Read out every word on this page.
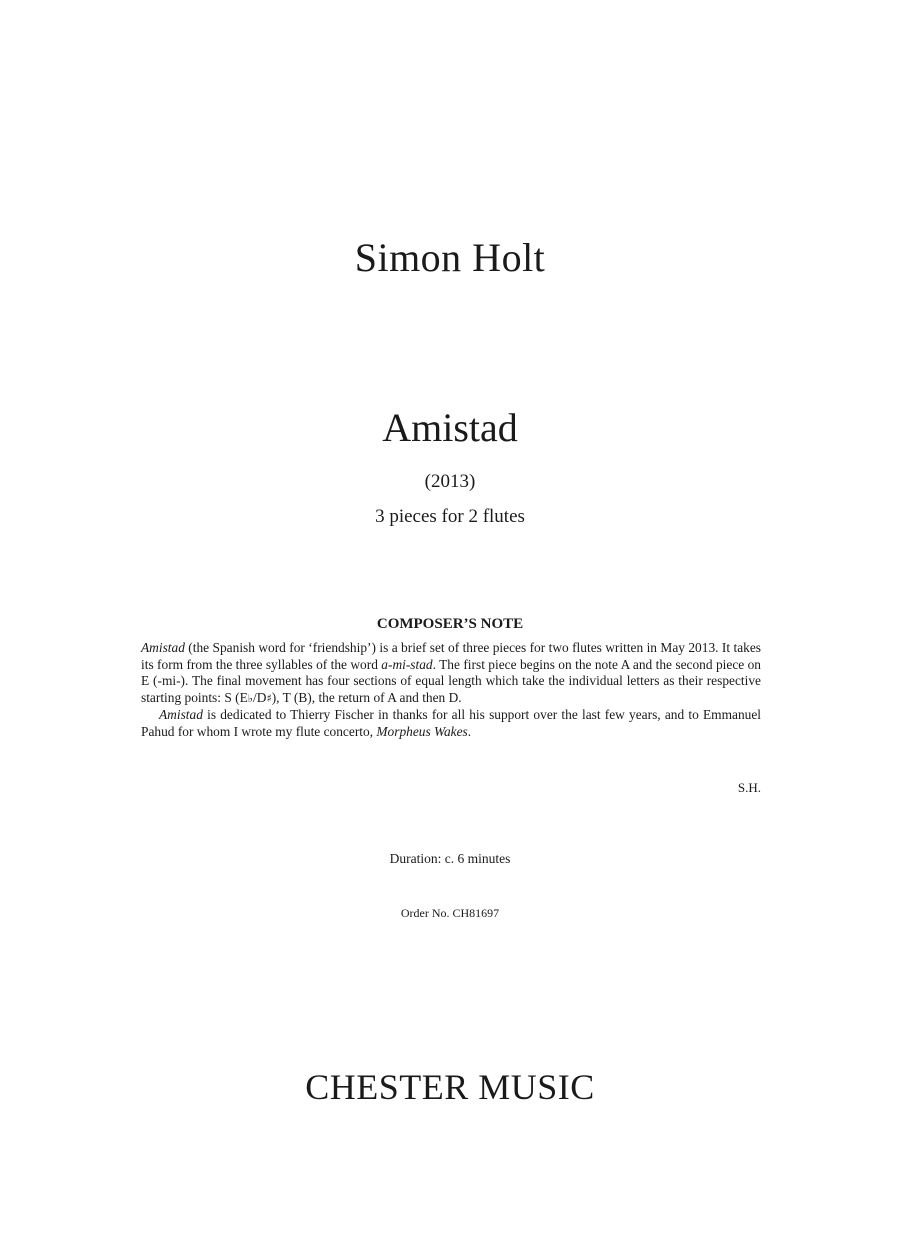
Simon Holt
Amistad
(2013)
3 pieces for 2 flutes
COMPOSER’S NOTE

Amistad (the Spanish word for ‘friendship’) is a brief set of three pieces for two flutes written in May 2013. It takes its form from the three syllables of the word a-mi-stad. The first piece begins on the note A and the second piece on E (-mi-). The final movement has four sections of equal length which take the individual letters as their respective starting points: S (E♭/D♯), T (B), the return of A and then D.

Amistad is dedicated to Thierry Fischer in thanks for all his support over the last few years, and to Emmanuel Pahud for whom I wrote my flute concerto, Morpheus Wakes.

S.H.
Duration: c. 6 minutes
Order No. CH81697
CHESTER MUSIC
